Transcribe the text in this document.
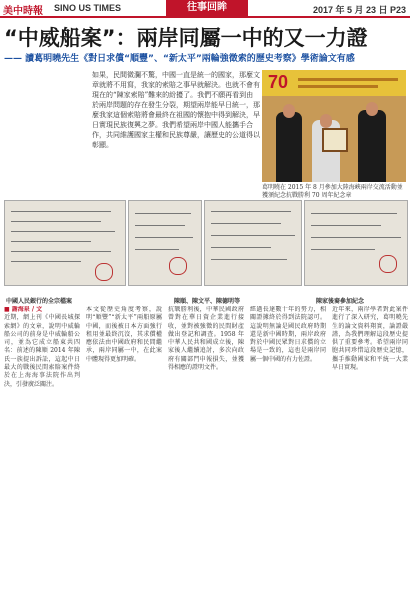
美中時報 SINO US TIMES	往事回眸	2017 年 5 月 23 日 P23
“中威船案”：兩岸同屬一中的又一力證
—— 讀葛明曉先生《對日求償“順豐”、“新太平”兩輪強徵索的歷史考察》學術論文有感
如果，民間微瀾不驚，中國一直是統一的國家，那麼文章就將不用寫，我家的索賠之事早就解決。也就不會有現在的“陳家索賠”難來的紛擾了。我們不願再看到由於兩岸問題的存在發生分裂，期望兩岸能早日統一，那麼我家這個索賠將會最終在祖國的懷抱中得到解決，早日實現民族復興之夢。我們希望兩岸中國人能攜手合作，共同維護國家主權和民族尊嚴，讓歷史的公道得以彰顯。
70
葛明曉在 2015 年 8 月參加大陸海峽兩岸交流活動並獲頒紀念抗戰勝利 70 周年紀念章
中國人民銀行的全宗檔案	陳順、陳文平、陳德明等	陳家後裔參加紀念
■ 謝海泉 / 文
近期，網上刊《中國長城探索網》的文章，說明中威輪船公司的前身是中威輪船公司，並為它成立船東共四名：前述的陳順 2014 年陳氏一族提出訴訟，這起中日最大的戰後民間索賠案件終於在上海海事法院作出判決，引發廣泛關注。
本文從歷史角度考察，說明“順豐”“新太平”兩船原屬中國，而後被日本方面強行租用並最終沉沒，其求償權應依法由中國政府和民間繼承，兩岸同屬一中，在此案中體現得更加明確。
抗戰勝利後，中華民國政府曾對在華日資企業進行接收，並對被強徵的民間財產做出登記和調查。1958 年中華人民共和國成立後，陳家後人繼續追討，多次向政府有關部門申報損失，並獲得相應的證明文件。
經過長達數十年的努力，相關證據終於得到法院認可。這說明無論是國民政府時期還是新中國時期，兩岸政府對於中國民眾對日求償的立場是一致的，這也是兩岸同屬一個中國的有力佐證。
近年來，兩岸學者對此案件進行了深入研究，葛明曉先生的論文資料翔實，論證嚴謹，為我們理解這段歷史提供了重要參考。希望兩岸同胞共同珍惜這段歷史記憶，攜手推動國家和平統一大業早日實現。
